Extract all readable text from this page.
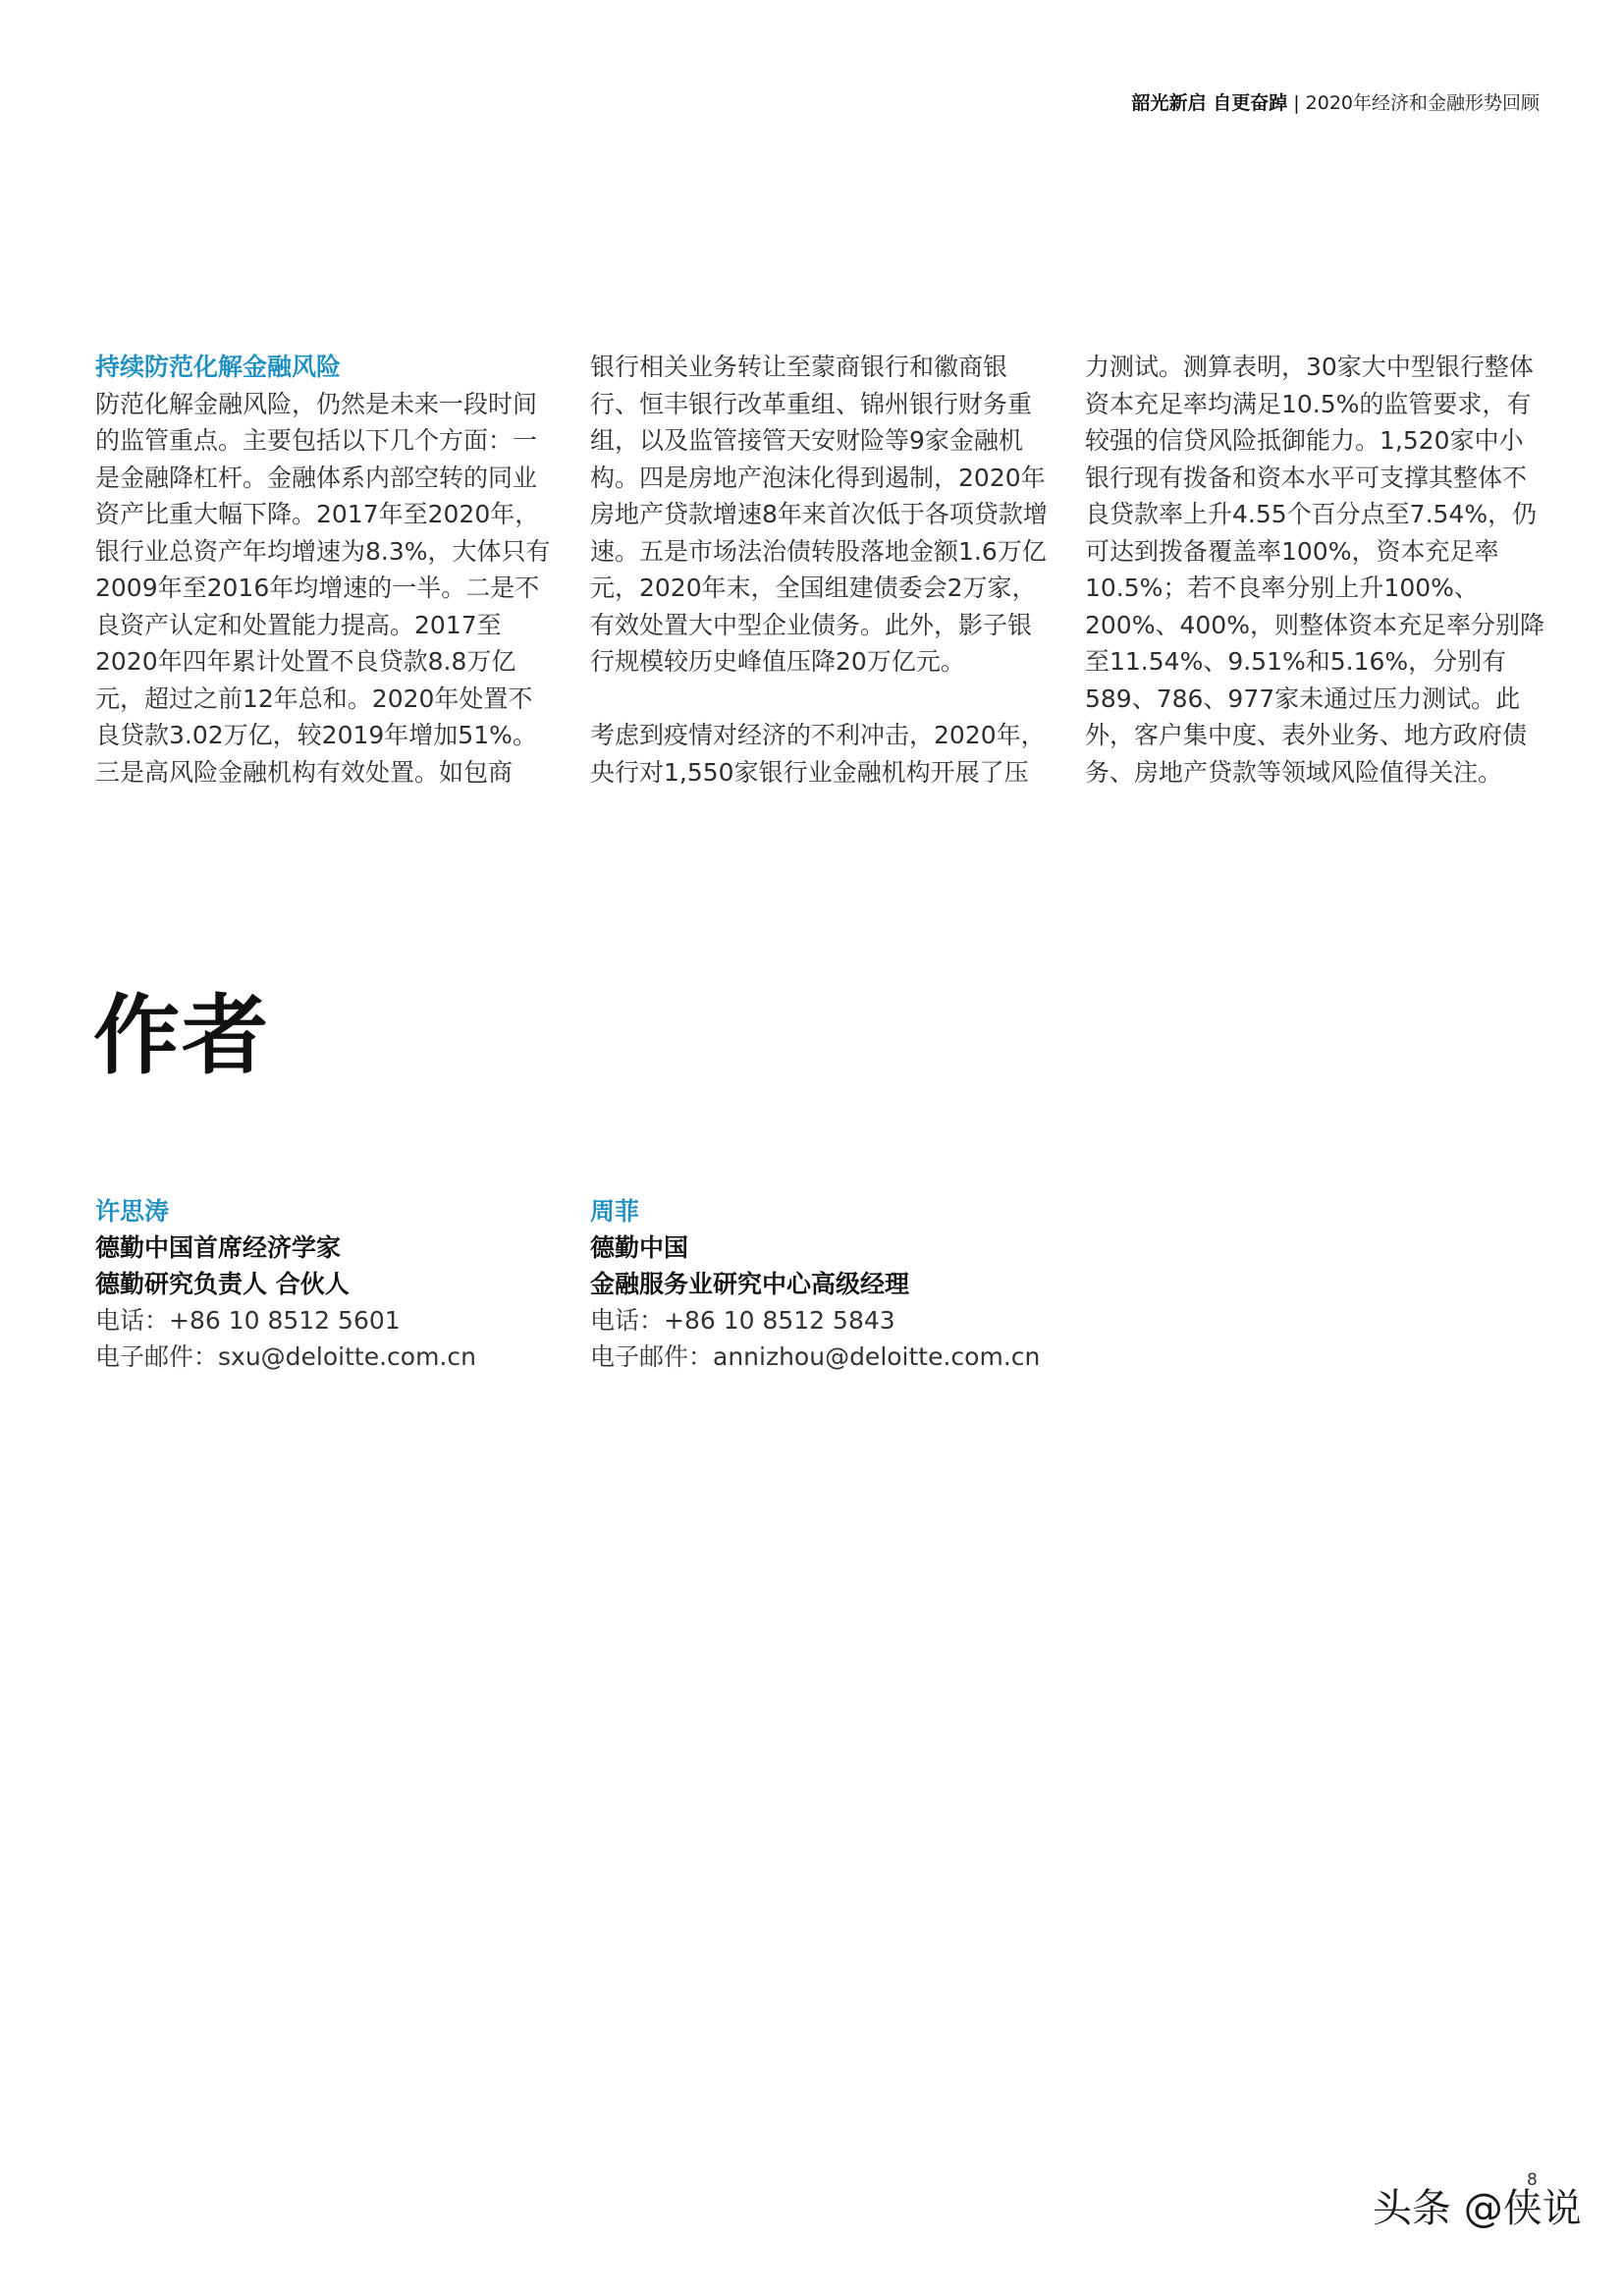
韶光新启 自更奋踔 | 2020年经济和金融形势回顾

持续防范化解金融风险

防范化解金融风险，仍然是未来一段时间的监管重点。主要包括以下几个方面：一是金融降杠杆。金融体系内部空转的同业资产比重大幅下降。2017年至2020年，银行业总资产年均增速为8.3%，大体只有2009年至2016年均增速的一半。二是不良资产认定和处置能力提高。2017至2020年四年累计处置不良贷款8.8万亿元，超过之前12年总和。2020年处置不良贷款3.02万亿，较2019年增加51%。三是高风险金融机构有效处置。如包商

银行相关业务转让至蒙商银行和徽商银行、恒丰银行改革重组、锦州银行财务重组，以及监管接管天安财险等9家金融机构。四是房地产泡沫化得到遏制，2020年房地产贷款增速8年来首次低于各项贷款增速。五是市场法治债转股落地金额1.6万亿元，2020年末，全国组建债委会2万家，有效处置大中型企业债务。此外，影子银行规模较历史峰值压降20万亿元。

考虑到疫情对经济的不利冲击，2020年，央行对1,550家银行业金融机构开展了压

力测试。测算表明，30家大中型银行整体资本充足率均满足10.5%的监管要求，有较强的信贷风险抵御能力。1,520家中小银行现有拨备和资本水平可支撑其整体不良贷款率上升4.55个百分点至7.54%，仍可达到拨备覆盖率100%，资本充足率10.5%；若不良率分别上升100%、200%、400%，则整体资本充足率分别降至11.54%、9.51%和5.16%，分别有589、786、977家未通过压力测试。此外，客户集中度、表外业务、地方政府债务、房地产贷款等领域风险值得关注。

作者
许思涛
德勤中国首席经济学家
德勤研究负责人 合伙人
电话：+86 10 8512 5601
电子邮件：sxu@deloitte.com.cn
周菲
德勤中国
金融服务业研究中心高级经理
电话：+86 10 8512 5843
电子邮件：annizhou@deloitte.com.cn
8
头条 @侠说
